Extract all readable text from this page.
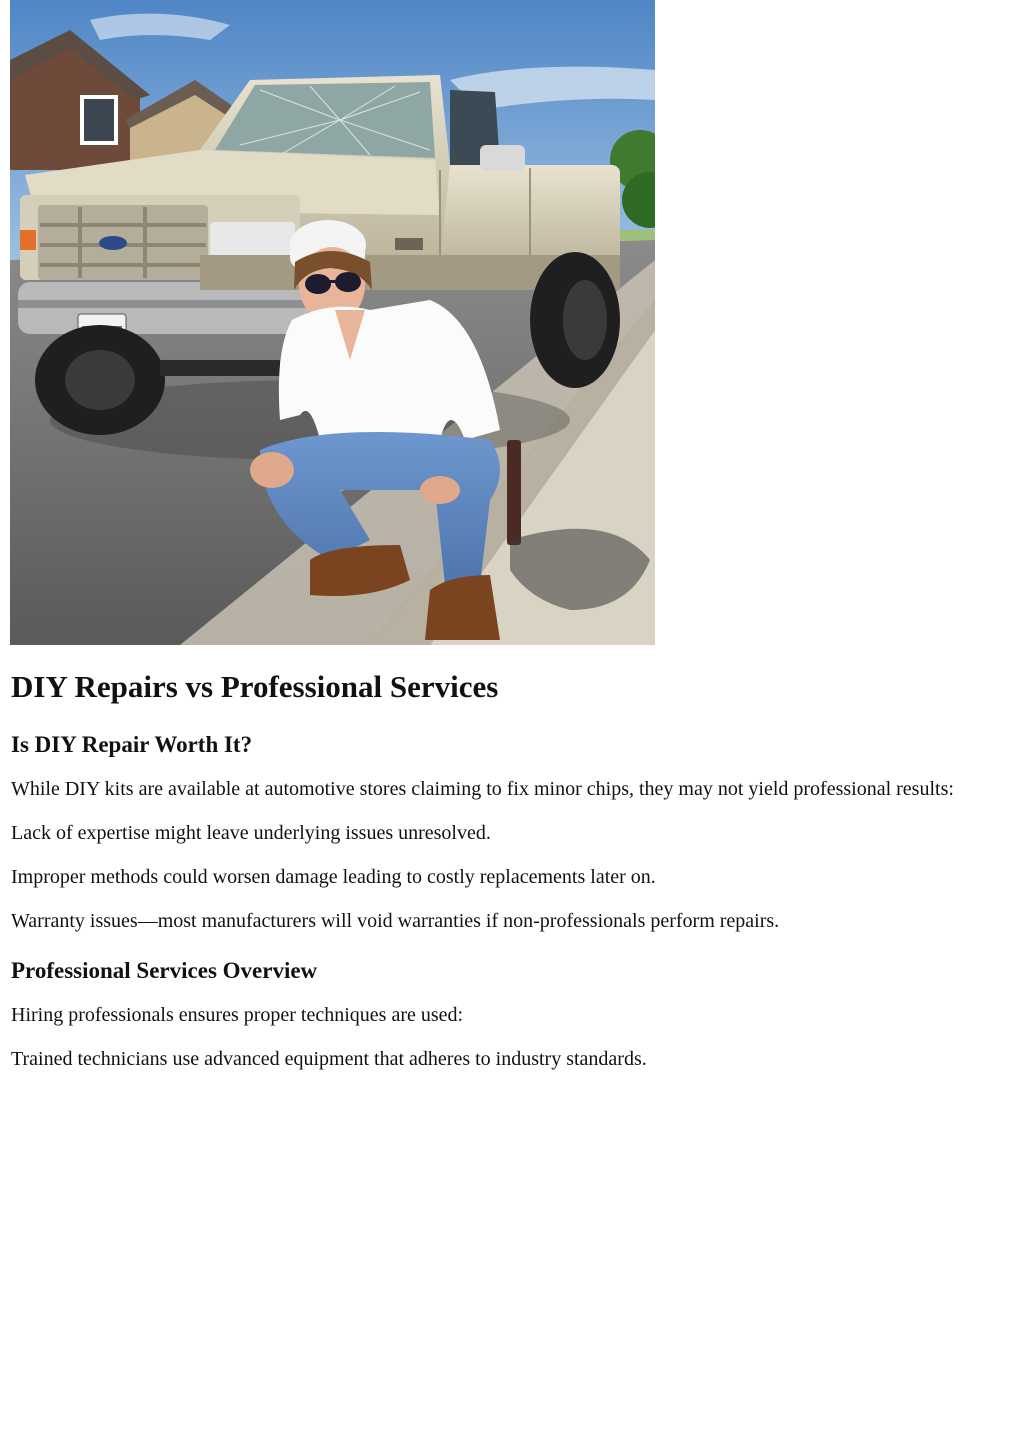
DIY Repairs vs Professional Services
Is DIY Repair Worth It?

While DIY kits are available at automotive stores claiming to fix minor chips, they may not yield professional results:

Lack of expertise might leave underlying issues unresolved.

Improper methods could worsen damage leading to costly replacements later on.

Warranty issues—most manufacturers will void warranties if non-professionals perform repairs.

Professional Services Overview

Hiring professionals ensures proper techniques are used:

Trained technicians use advanced equipment that adheres to industry standards.
